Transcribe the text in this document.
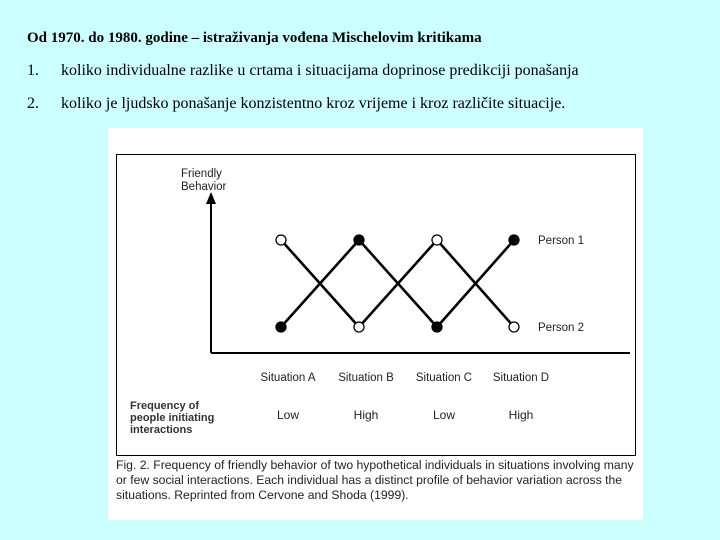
Od 1970. do 1980. godine – istraživanja vođena Mischelovim kritikama
1. koliko individualne razlike u crtama i situacijama doprinose predikciji ponašanja
2. koliko je ljudsko ponašanje konzistentno kroz vrijeme i kroz različite situacije.
Friendly
Behavior
Person 1
Person 2
Situation A Situation B Situation C Situation D
Frequency of
people initiating
interactions
Low	High	Low	High
Fig. 2. Frequency of friendly behavior of two hypothetical individuals in situations involving many or few social interactions. Each individual has a distinct profile of behavior variation across the situations. Reprinted from Cervone and Shoda (1999).
